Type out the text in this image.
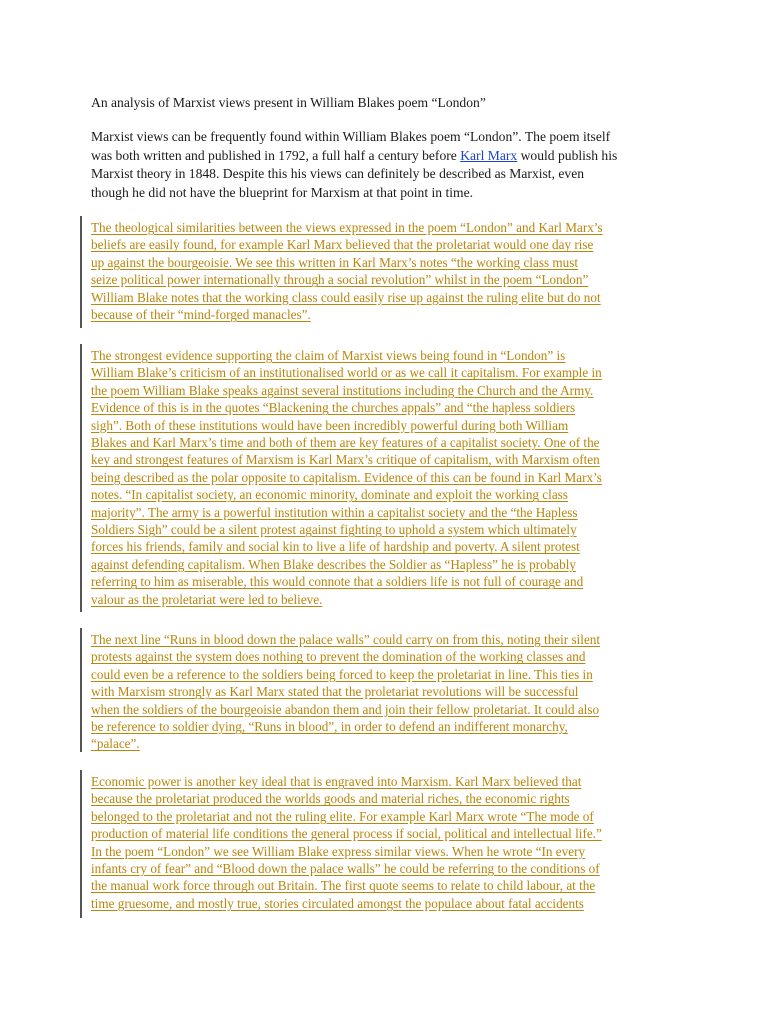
An analysis of Marxist views present in William Blakes poem “London”
Marxist views can be frequently found within William Blakes poem “London”. The poem itself
was both written and published in 1792, a full half a century before Karl Marx would publish his
Marxist theory in 1848. Despite this his views can definitely be described as Marxist, even
though he did not have the blueprint for Marxism at that point in time.
The theological similarities between the views expressed in the poem “London” and Karl Marx’s
beliefs are easily found, for example Karl Marx believed that the proletariat would one day rise
up against the bourgeoisie. We see this written in Karl Marx’s notes “the working class must
seize political power internationally through a social revolution” whilst in the poem “London”
William Blake notes that the working class could easily rise up against the ruling elite but do not
because of their “mind-forged manacles”.
The strongest evidence supporting the claim of Marxist views being found in “London” is
William Blake’s criticism of an institutionalised world or as we call it capitalism. For example in
the poem William Blake speaks against several institutions including the Church and the Army.
Evidence of this is in the quotes “Blackening the churches appals” and “the hapless soldiers
sigh”. Both of these institutions would have been incredibly powerful during both William
Blakes and Karl Marx’s time and both of them are key features of a capitalist society. One of the
key and strongest features of Marxism is Karl Marx’s critique of capitalism, with Marxism often
being described as the polar opposite to capitalism. Evidence of this can be found in Karl Marx’s
notes. “In capitalist society, an economic minority, dominate and exploit the working class
majority”. The army is a powerful institution within a capitalist society and the “the Hapless
Soldiers Sigh” could be a silent protest against fighting to uphold a system which ultimately
forces his friends, family and social kin to live a life of hardship and poverty. A silent protest
against defending capitalism. When Blake describes the Soldier as “Hapless” he is probably
referring to him as miserable, this would connote that a soldiers life is not full of courage and
valour as the proletariat were led to believe.
The next line “Runs in blood down the palace walls” could carry on from this, noting their silent
protests against the system does nothing to prevent the domination of the working classes and
could even be a reference to the soldiers being forced to keep the proletariat in line. This ties in
with Marxism strongly as Karl Marx stated that the proletariat revolutions will be successful
when the soldiers of the bourgeoisie abandon them and join their fellow proletariat. It could also
be reference to soldier dying, “Runs in blood”, in order to defend an indifferent monarchy,
“palace”.
Economic power is another key ideal that is engraved into Marxism. Karl Marx believed that
because the proletariat produced the worlds goods and material riches, the economic rights
belonged to the proletariat and not the ruling elite. For example Karl Marx wrote “The mode of
production of material life conditions the general process if social, political and intellectual life.”
In the poem “London” we see William Blake express similar views. When he wrote “In every
infants cry of fear” and “Blood down the palace walls” he could be referring to the conditions of
the manual work force through out Britain. The first quote seems to relate to child labour, at the
time gruesome, and mostly true, stories circulated amongst the populace about fatal accidents
